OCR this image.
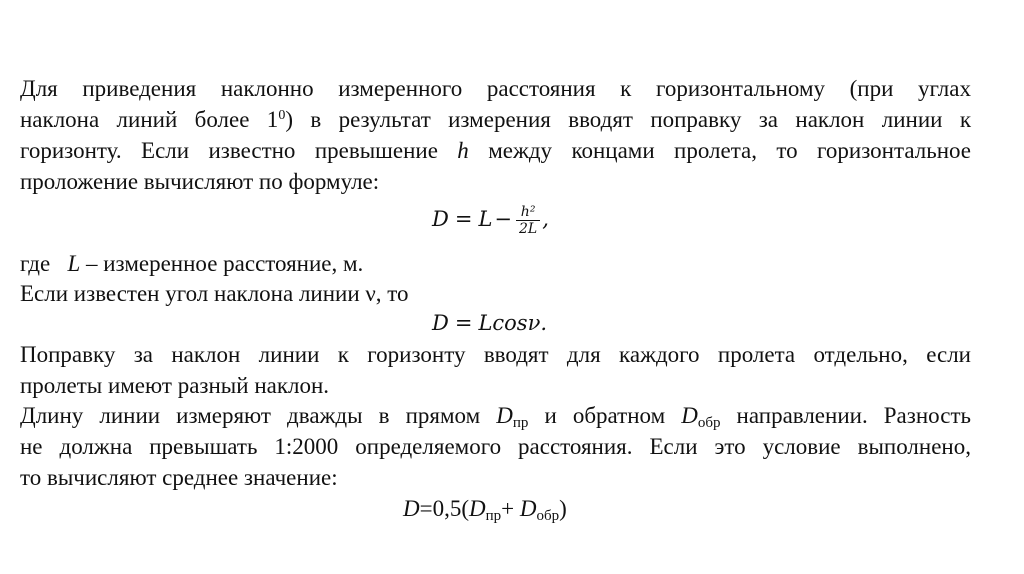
Для приведения наклонно измеренного расстояния к горизонтальному (при углах
наклона линий более $1^0$) в результат измерения вводят поправку за наклон линии к
горизонту. Если известно превышение h между концами пролета, то горизонтальное
проложение вычисляют по формуле:
$D = L- \frac{\text{h²}}{2L}$ ,
где L – измеренное расстояние, м.
Если известен угол наклона линии ν, то
D = Lcosν.
Поправку за наклон линии к горизонту вводят для каждого пролета отдельно, если
пролеты имеют разный наклон.
Длину линии измеряют дважды в прямом $D_{пр}$ и обратном $D_{обр}$ направлении. Разность
не должна превышать 1:2000 определяемого расстояния. Если это условие выполнено,
то вычисляют среднее значение:
$D=0,5(D_{пр}+ D_{обр})$
